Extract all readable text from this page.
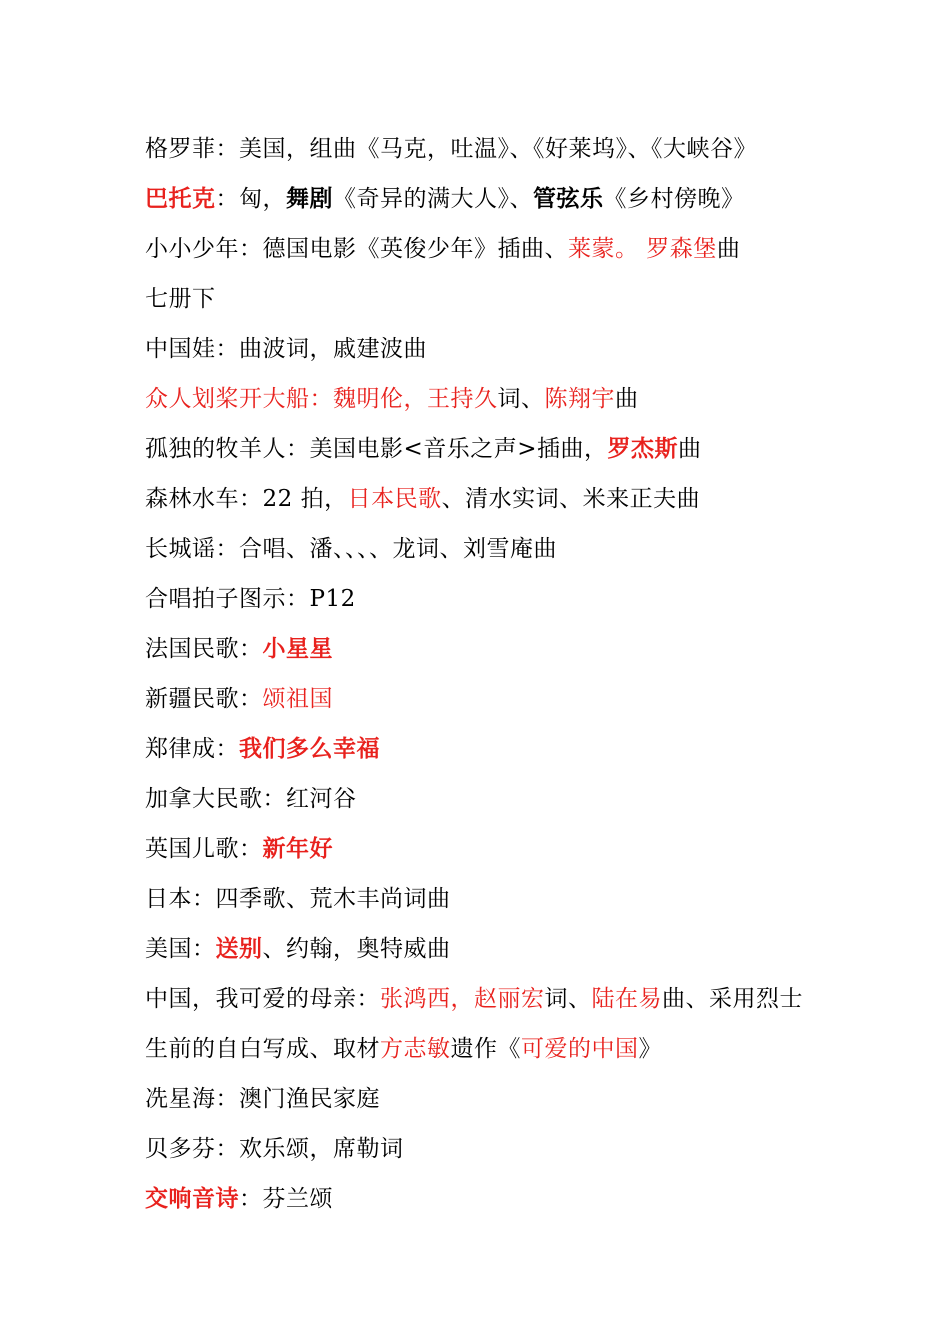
格罗菲：美国，组曲《马克，吐温》、《好莱坞》、《大峡谷》
巴托克：匈，舞剧《奇异的满大人》、管弦乐《乡村傍晚》
小小少年：德国电影《英俊少年》插曲、莱蒙。 罗森堡曲
七册下
中国娃：曲波词，戚建波曲
众人划桨开大船：魏明伦，王持久词、陈翔宇曲
孤独的牧羊人：美国电影<音乐之声>插曲，罗杰斯曲
森林水车：22 拍，日本民歌、清水实词、米来正夫曲
长城谣：合唱、潘、、、、龙词、刘雪庵曲
合唱拍子图示：P12
法国民歌：小星星
新疆民歌：颂祖国
郑律成：我们多么幸福
加拿大民歌：红河谷
英国儿歌：新年好
日本：四季歌、荒木丰尚词曲
美国：送别、约翰，奥特威曲
中国，我可爱的母亲：张鸿西，赵丽宏词、陆在易曲、采用烈士
生前的自白写成、取材方志敏遗作《可爱的中国》
冼星海：澳门渔民家庭
贝多芬：欢乐颂，席勒词
交响音诗：芬兰颂
